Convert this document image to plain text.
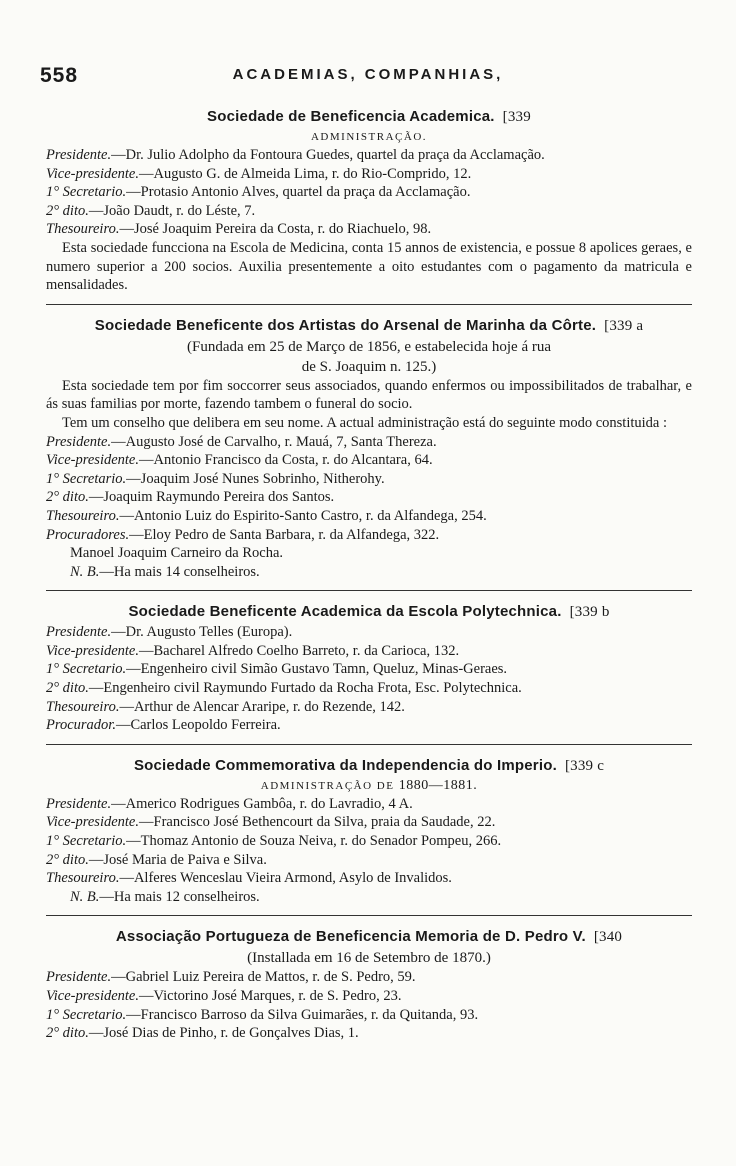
558	ACADEMIAS, COMPANHIAS,
Sociedade de Beneficencia Academica. [339
ADMINISTRAÇÃO.
Presidente.—Dr. Julio Adolpho da Fontoura Guedes, quartel da praça da Acclamação.
Vice-presidente.—Augusto G. de Almeida Lima, r. do Rio-Comprido, 12.
1° Secretario.—Protasio Antonio Alves, quartel da praça da Acclamação.
2° dito.—João Daudt, r. do Léste, 7.
Thesoureiro.—José Joaquim Pereira da Costa, r. do Riachuelo, 98.
Esta sociedade funcciona na Escola de Medicina, conta 15 annos de existencia, e possue 8 apolices geraes, e numero superior a 200 socios. Auxilia presentemente a oito estudantes com o pagamento da matricula e mensalidades.
Sociedade Beneficente dos Artistas do Arsenal de Marinha da Côrte. [339 a
(Fundada em 25 de Março de 1856, e estabelecida hoje á rua
de S. Joaquim n. 125.)
Esta sociedade tem por fim soccorrer seus associados, quando enfermos ou impossibilitados de trabalhar, e ás suas familias por morte, fazendo tambem o funeral do socio.
Tem um conselho que delibera em seu nome. A actual administração está do seguinte modo constituida :
Presidente.—Augusto José de Carvalho, r. Mauá, 7, Santa Thereza.
Vice-presidente.—Antonio Francisco da Costa, r. do Alcantara, 64.
1° Secretario.—Joaquim José Nunes Sobrinho, Nitherohy.
2° dito.—Joaquim Raymundo Pereira dos Santos.
Thesoureiro.—Antonio Luiz do Espirito-Santo Castro, r. da Alfandega, 254.
Procuradores.—Eloy Pedro de Santa Barbara, r. da Alfandega, 322.
Manoel Joaquim Carneiro da Rocha.
N. B.—Ha mais 14 conselheiros.
Sociedade Beneficente Academica da Escola Polytechnica. [339 b
Presidente.—Dr. Augusto Telles (Europa).
Vice-presidente.—Bacharel Alfredo Coelho Barreto, r. da Carioca, 132.
1° Secretario.—Engenheiro civil Simão Gustavo Tamn, Queluz, Minas-Geraes.
2° dito.—Engenheiro civil Raymundo Furtado da Rocha Frota, Esc. Polytechnica.
Thesoureiro.—Arthur de Alencar Araripe, r. do Rezende, 142.
Procurador.—Carlos Leopoldo Ferreira.
Sociedade Commemorativa da Independencia do Imperio. [339 c
ADMINISTRAÇÃO DE 1880—1881.
Presidente.—Americo Rodrigues Gambôa, r. do Lavradio, 4 A.
Vice-presidente.—Francisco José Bethencourt da Silva, praia da Saudade, 22.
1° Secretario.—Thomaz Antonio de Souza Neiva, r. do Senador Pompeu, 266.
2° dito.—José Maria de Paiva e Silva.
Thesoureiro.—Alferes Wenceslau Vieira Armond, Asylo de Invalidos.
N. B.—Ha mais 12 conselheiros.
Associação Portugueza de Beneficencia Memoria de D. Pedro V. [340
(Installada em 16 de Setembro de 1870.)
Presidente.—Gabriel Luiz Pereira de Mattos, r. de S. Pedro, 59.
Vice-presidente.—Victorino José Marques, r. de S. Pedro, 23.
1° Secretario.—Francisco Barroso da Silva Guimarães, r. da Quitanda, 93.
2° dito.—José Dias de Pinho, r. de Gonçalves Dias, 1.
